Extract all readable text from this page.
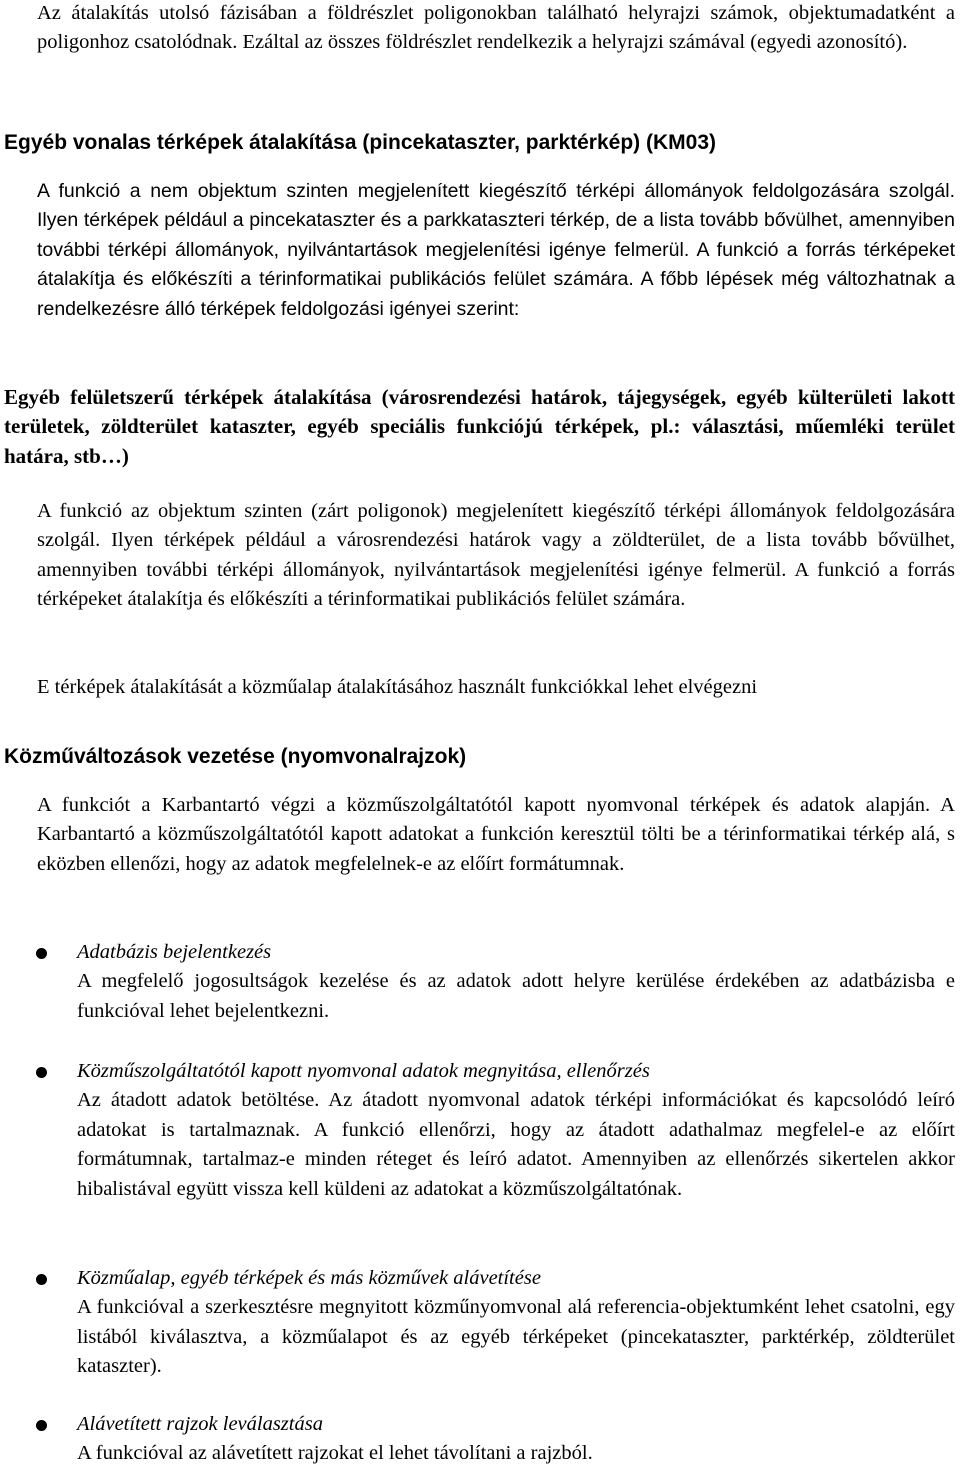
Az átalakítás utolsó fázisában a földrészlet poligonokban található helyrajzi számok, objektumadatként a poligonhoz csatolódnak. Ezáltal az összes földrészlet rendelkezik a helyrajzi számával (egyedi azonosító).
Egyéb vonalas térképek átalakítása (pincekataszter, parktérkép) (KM03)
A funkció a nem objektum szinten megjelenített kiegészítő térképi állományok feldolgozására szolgál. Ilyen térképek például a pincekataszter és a parkkataszteri térkép, de a lista tovább bővülhet, amennyiben további térképi állományok, nyilvántartások megjelenítési igénye felmerül. A funkció a forrás térképeket átalakítja és előkészíti a térinformatikai publikációs felület számára. A főbb lépések még változhatnak a rendelkezésre álló térképek feldolgozási igényei szerint:
Egyéb felületszerű térképek átalakítása (városrendezési határok, tájegységek, egyéb külterületi lakott területek, zöldterület kataszter, egyéb speciális funkciójú térképek, pl.: választási, műemléki terület határa, stb…)
A funkció az objektum szinten (zárt poligonok) megjelenített kiegészítő térképi állományok feldolgozására szolgál. Ilyen térképek például a városrendezési határok vagy a zöldterület, de a lista tovább bővülhet, amennyiben további térképi állományok, nyilvántartások megjelenítési igénye felmerül. A funkció a forrás térképeket átalakítja és előkészíti a térinformatikai publikációs felület számára.
E térképek átalakítását a közműalap átalakításához használt funkciókkal lehet elvégezni
Közműváltozások vezetése (nyomvonalrajzok)
A funkciót a Karbantartó végzi a közműszolgáltatótól kapott nyomvonal térképek és adatok alapján. A Karbantartó a közműszolgáltatótól kapott adatokat a funkción keresztül tölti be a térinformatikai térkép alá, s eközben ellenőzi, hogy az adatok megfelelnek-e az előírt formátumnak.
Adatbázis bejelentkezés
A megfelelő jogosultságok kezelése és az adatok adott helyre kerülése érdekében az adatbázisba e funkcióval lehet bejelentkezni.
Közműszolgáltatótól kapott nyomvonal adatok megnyitása, ellenőrzés
Az átadott adatok betöltése. Az átadott nyomvonal adatok térképi információkat és kapcsolódó leíró adatokat is tartalmaznak. A funkció ellenőrzi, hogy az átadott adathalmaz megfelel-e az előírt formátumnak, tartalmaz-e minden réteget és leíró adatot. Amennyiben az ellenőrzés sikertelen akkor hibalistával együtt vissza kell küldeni az adatokat a közműszolgáltatónak.
Közműalap, egyéb térképek és más közművek alávetítése
A funkcióval a szerkesztésre megnyitott közműnyomvonal alá referencia-objektumként lehet csatolni, egy listából kiválasztva, a közműalapot és az egyéb térképeket (pincekataszter, parktérkép, zöldterület kataszter).
Alávetített rajzok leválasztása
A funkcióval az alávetített rajzokat el lehet távolítani a rajzból.
